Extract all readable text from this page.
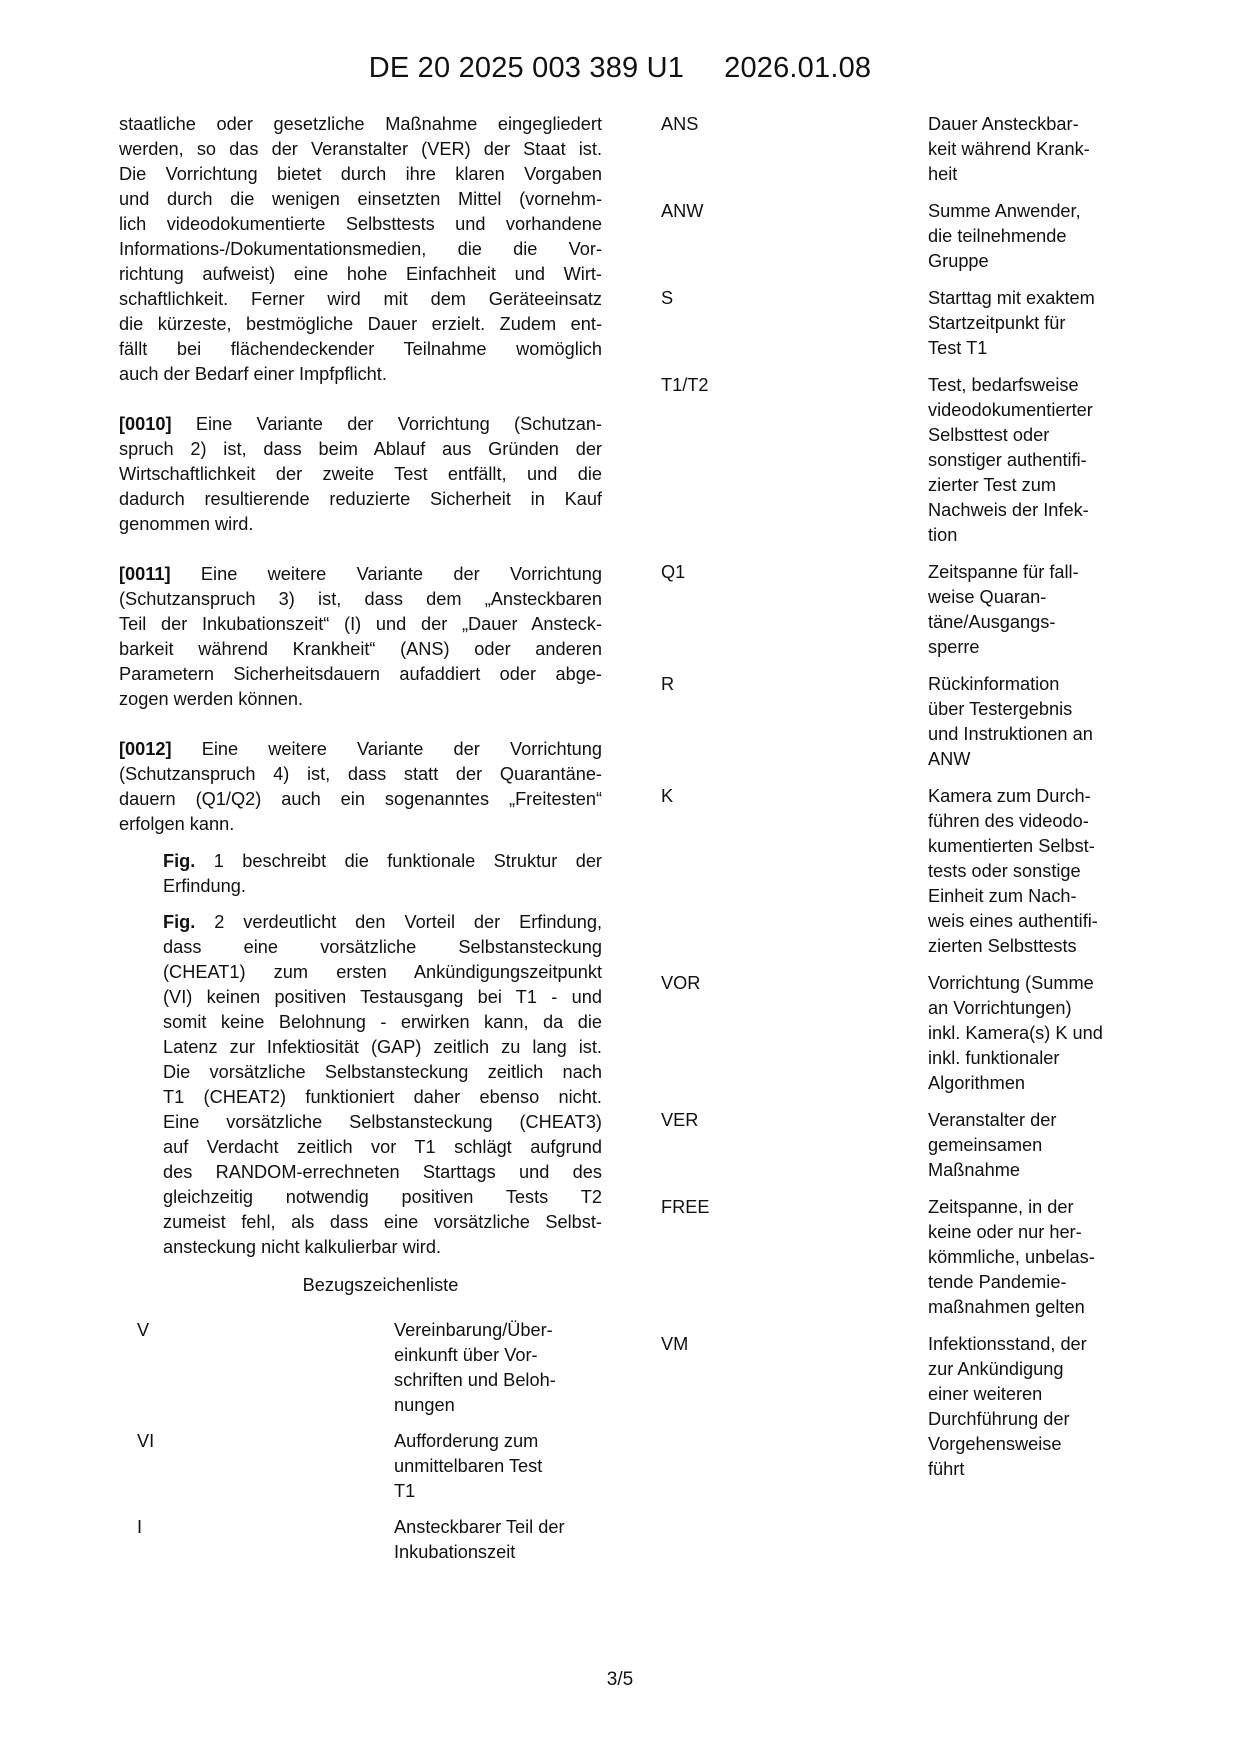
DE 20 2025 003 389 U1 2026.01.08
staatliche oder gesetzliche Maßnahme eingegliedert
werden, so das der Veranstalter (VER) der Staat ist.
Die Vorrichtung bietet durch ihre klaren Vorgaben
und durch die wenigen einsetzten Mittel (vornehm-
lich videodokumentierte Selbsttests und vorhandene
Informations-/Dokumentationsmedien, die die Vor-
richtung aufweist) eine hohe Einfachheit und Wirt-
schaftlichkeit. Ferner wird mit dem Geräteeinsatz
die kürzeste, bestmögliche Dauer erzielt. Zudem ent-
fällt bei flächendeckender Teilnahme womöglich
auch der Bedarf einer Impfpflicht.
[0010] Eine Variante der Vorrichtung (Schutzan-
spruch 2) ist, dass beim Ablauf aus Gründen der
Wirtschaftlichkeit der zweite Test entfällt, und die
dadurch resultierende reduzierte Sicherheit in Kauf
genommen wird.
[0011] Eine weitere Variante der Vorrichtung
(Schutzanspruch 3) ist, dass dem „Ansteckbaren
Teil der Inkubationszeit“ (I) und der „Dauer Ansteck-
barkeit während Krankheit“ (ANS) oder anderen
Parametern Sicherheitsdauern aufaddiert oder abge-
zogen werden können.
[0012] Eine weitere Variante der Vorrichtung
(Schutzanspruch 4) ist, dass statt der Quarantäne-
dauern (Q1/Q2) auch ein sogenanntes „Freitesten“
erfolgen kann.
Fig. 1 beschreibt die funktionale Struktur der
Erfindung.
Fig. 2 verdeutlicht den Vorteil der Erfindung,
dass eine vorsätzliche Selbstansteckung
(CHEAT1) zum ersten Ankündigungszeitpunkt
(VI) keinen positiven Testausgang bei T1 - und
somit keine Belohnung - erwirken kann, da die
Latenz zur Infektiosität (GAP) zeitlich zu lang ist.
Die vorsätzliche Selbstansteckung zeitlich nach
T1 (CHEAT2) funktioniert daher ebenso nicht.
Eine vorsätzliche Selbstansteckung (CHEAT3)
auf Verdacht zeitlich vor T1 schlägt aufgrund
des RANDOM-errechneten Starttags und des
gleichzeitig notwendig positiven Tests T2
zumeist fehl, als dass eine vorsätzliche Selbst-
ansteckung nicht kalkulierbar wird.
Bezugszeichenliste
V	Vereinbarung/Über-
einkunft über Vor-
schriften und Beloh-
nungen
VI	Aufforderung zum
unmittelbaren Test
T1
I	Ansteckbarer Teil der
Inkubationszeit
ANS	Dauer Ansteckbar-
keit während Krank-
heit
ANW	Summe Anwender,
die teilnehmende
Gruppe
S	Starttag mit exaktem
Startzeitpunkt für
Test T1
T1/T2	Test, bedarfsweise
videodokumentierter
Selbsttest oder
sonstiger authentifi-
zierter Test zum
Nachweis der Infek-
tion
Q1	Zeitspanne für fall-
weise Quaran-
täne/Ausgangs-
sperre
R	Rückinformation
über Testergebnis
und Instruktionen an
ANW
K	Kamera zum Durch-
führen des videodo-
kumentierten Selbst-
tests oder sonstige
Einheit zum Nach-
weis eines authentifi-
zierten Selbsttests
VOR	Vorrichtung (Summe
an Vorrichtungen)
inkl. Kamera(s) K und
inkl. funktionaler
Algorithmen
VER	Veranstalter der
gemeinsamen
Maßnahme
FREE	Zeitspanne, in der
keine oder nur her-
kömmliche, unbelas-
tende Pandemie-
maßnahmen gelten
VM	Infektionsstand, der
zur Ankündigung
einer weiteren
Durchführung der
Vorgehensweise
führt
3/5
